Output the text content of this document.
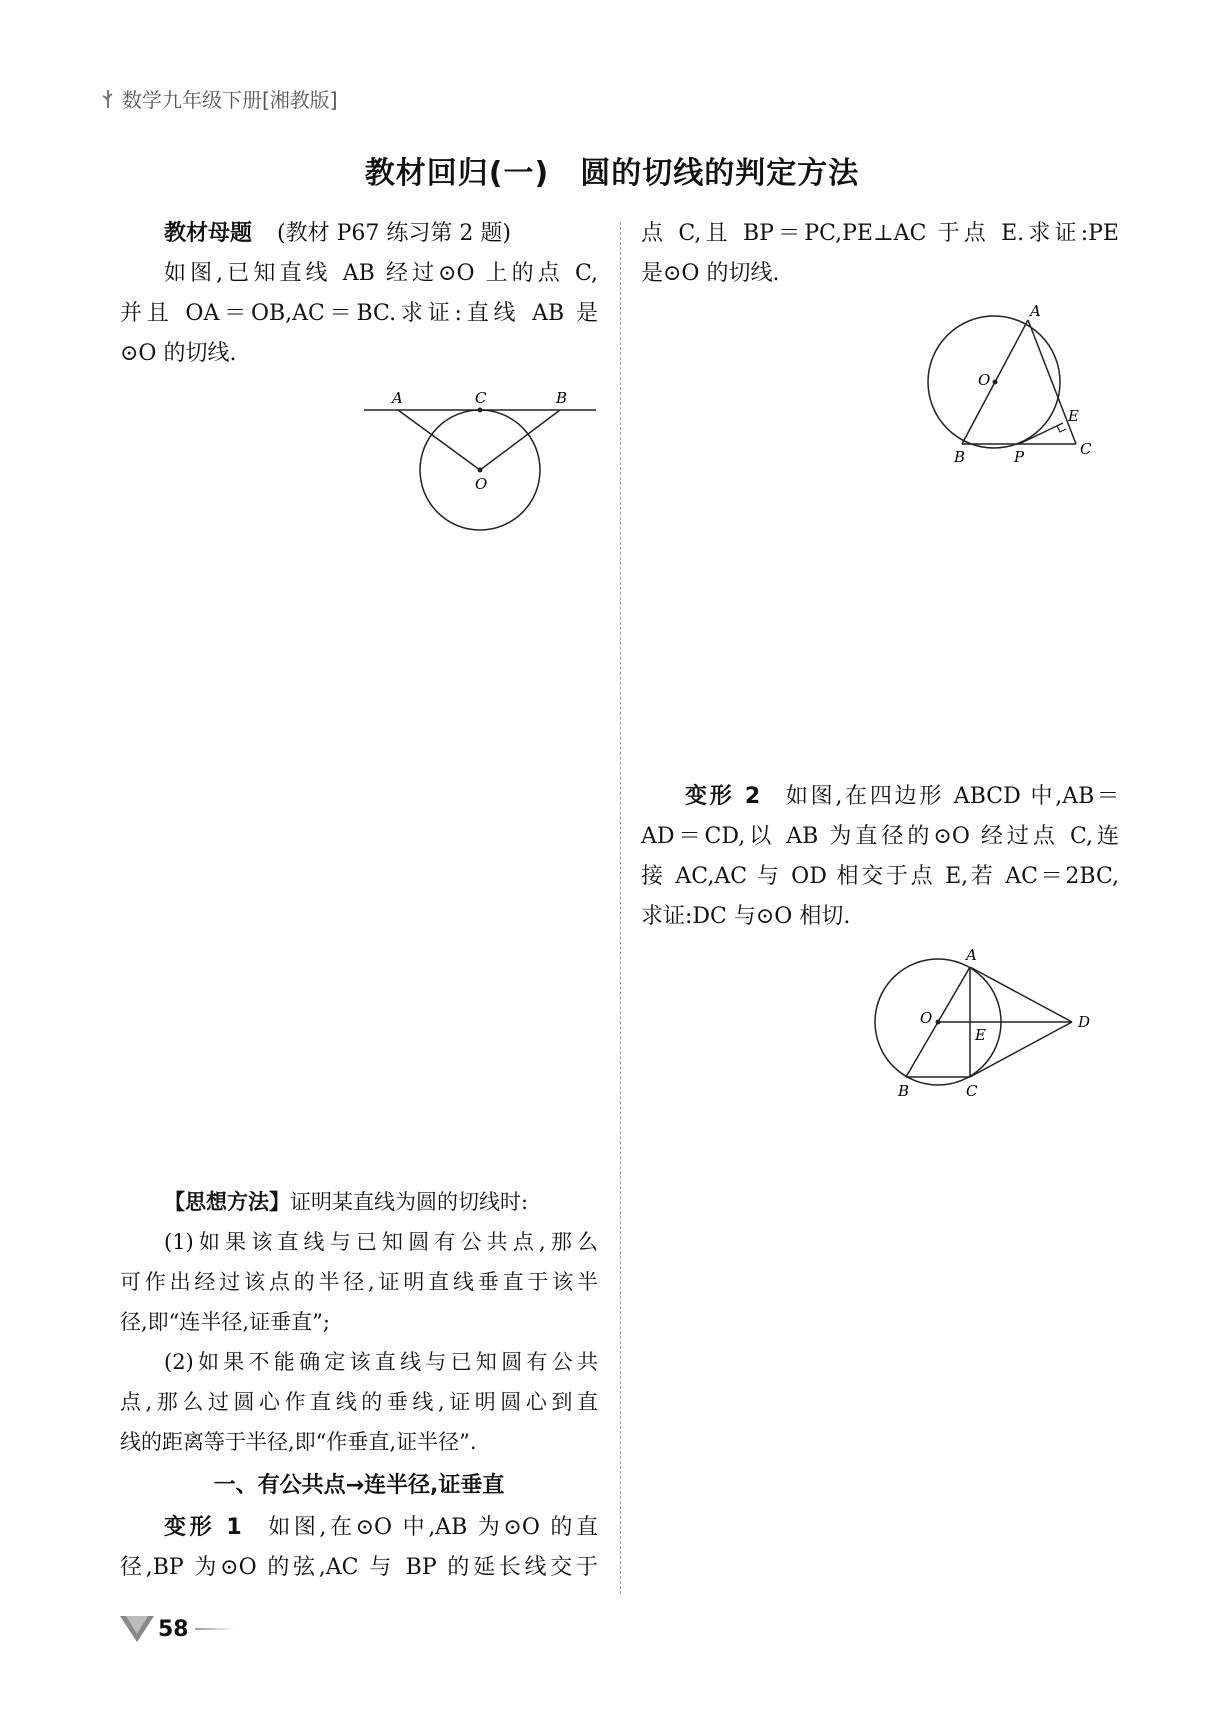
数学九年级下册[湘教版]
教材回归(一)　圆的切线的判定方法

教材母题 (教材 P67 练习第 2 题)

如图,已知直线 AB 经过⊙O 上的点 C,

并且 OA＝OB,AC＝BC.求证:直线 AB 是

⊙O 的切线.

A	C	B
O

【思想方法】证明某直线为圆的切线时:

(1)如果该直线与已知圆有公共点,那么

可作出经过该点的半径,证明直线垂直于该半

径,即“连半径,证垂直”;

(2)如果不能确定该直线与已知圆有公共

点,那么过圆心作直线的垂线,证明圆心到直

线的距离等于半径,即“作垂直,证半径”.

一、有公共点→连半径,证垂直

变形 1 如图,在⊙O 中,AB 为⊙O 的直

径,BP 为⊙O 的弦,AC 与 BP 的延长线交于

点 C,且 BP＝PC,PE⊥AC 于点 E.求证:PE

是⊙O 的切线.

A
O
E
B	P	C

变形 2 如图,在四边形 ABCD 中,AB＝

AD＝CD,以 AB 为直径的⊙O 经过点 C,连

接 AC,AC 与 OD 相交于点 E,若 AC＝2BC,

求证:DC 与⊙O 相切.

A
O
E
D
B	C
58
